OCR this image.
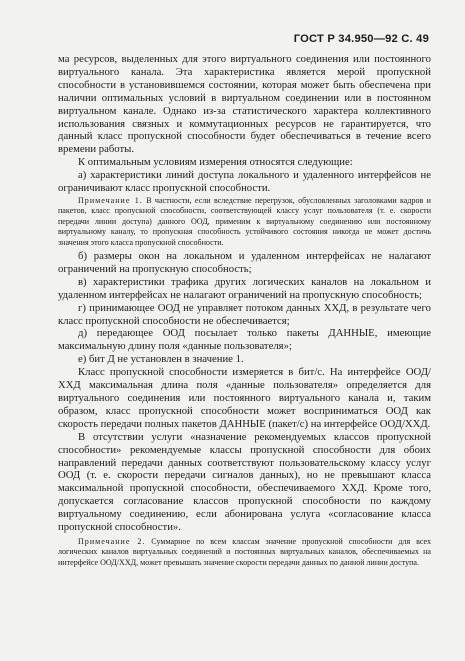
ГОСТ Р 34.950—92 С. 49

ма ресурсов, выделенных для этого виртуального соединения или постоянного виртуального канала. Эта характеристика является мерой пропускной способности в установившемся состоянии, которая может быть обеспечена при наличии оптимальных условий в виртуальном соединении или в постоянном виртуальном канале. Однако из-за статистического характера коллективного использования связных и коммутационных ресурсов не гарантируется, что данный класс пропускной способности будет обеспечиваться в течение всего времени работы.

К оптимальным условиям измерения относятся следующие:

а) характеристики линий доступа локального и удаленного интерфейсов не ограничивают класс пропускной способности.

Примечание 1. В частности, если вследствие перегрузок, обусловленных заголовками кадров и пакетов, класс пропускной способности, соответствующей классу услуг пользователя (т. е. скорости передачи линии доступа) данного ООД, применим к виртуальному соединению или постоянному виртуальному каналу, то пропускная способность устойчивого состояния никогда не может достичь значения этого класса пропускной способности.

б) размеры окон на локальном и удаленном интерфейсах не налагают ограничений на пропускную способность;

в) характеристики трафика других логических каналов на локальном и удаленном интерфейсах не налагают ограничений на пропускную способность;

г) принимающее ООД не управляет потоком данных ХХД, в результате чего класс пропускной способности не обеспечивается;

д) передающее ООД посылает только пакеты ДАННЫЕ, имеющие максимальную длину поля «данные пользователя»;

е) бит Д не установлен в значение 1.

Класс пропускной способности измеряется в бит/с. На интерфейсе ООД/ХХД максимальная длина поля «данные пользователя» определяется для виртуального соединения или постоянного виртуального канала и, таким образом, класс пропускной способности может восприниматься ООД как скорость передачи полных пакетов ДАННЫЕ (пакет/с) на интерфейсе ООД/ХХД.

В отсутствии услуги «назначение рекомендуемых классов пропускной способности» рекомендуемые классы пропускной способности для обоих направлений передачи данных соответствуют пользовательскому классу услуг ООД (т. е. скорости передачи сигналов данных), но не превышают класса максимальной пропускной способности, обеспечиваемого ХХД. Кроме того, допускается согласование классов пропускной способности по каждому виртуальному соединению, если абонирована услуга «согласование класса пропускной способности».

Примечание 2. Суммарное по всем классам значение пропускной способности для всех логических каналов виртуальных соединений и постоянных виртуальных каналов, обеспечиваемых на интерфейсе ООД/ХХД, может превышать значение скорости передачи данных по данной линии доступа.
